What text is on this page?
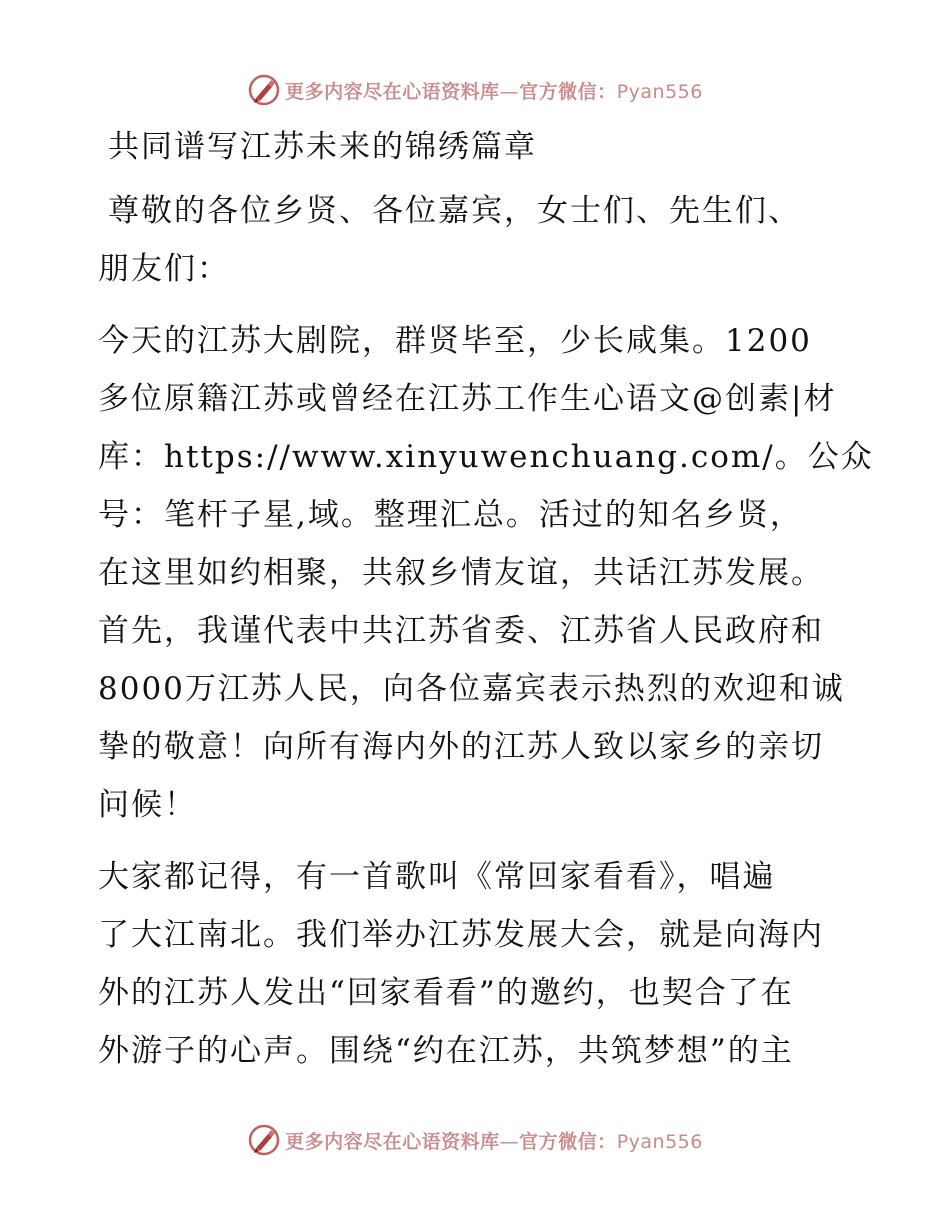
更多内容尽在心语资料库—官方微信：Pyan556

共同谱写江苏未来的锦绣篇章

尊敬的各位乡贤、各位嘉宾，女士们、先生们、
朋友们：

今天的江苏大剧院，群贤毕至，少长咸集。1200
多位原籍江苏或曾经在江苏工作生心语文@创素|材
库：https://www.xinyuwenchuang.com/。公众
号：笔杆子星,域。整理汇总。活过的知名乡贤，
在这里如约相聚，共叙乡情友谊，共话江苏发展。
首先，我谨代表中共江苏省委、江苏省人民政府和
8000万江苏人民，向各位嘉宾表示热烈的欢迎和诚
挚的敬意！向所有海内外的江苏人致以家乡的亲切
问候！

大家都记得，有一首歌叫《常回家看看》，唱遍
了大江南北。我们举办江苏发展大会，就是向海内
外的江苏人发出“回家看看”的邀约，也契合了在
外游子的心声。围绕“约在江苏，共筑梦想”的主

更多内容尽在心语资料库—官方微信：Pyan556
